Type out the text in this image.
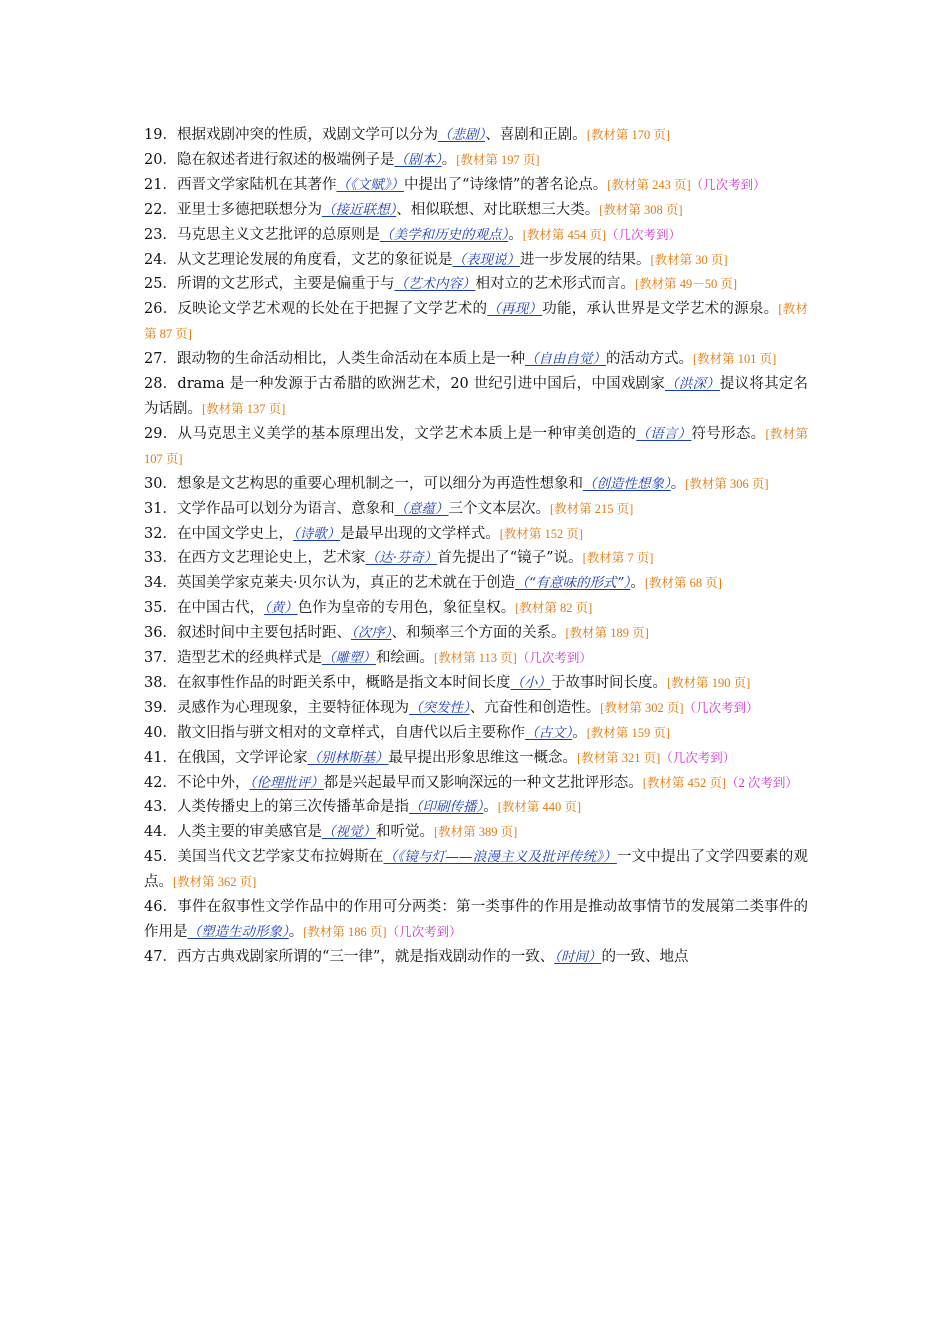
19．根据戏剧冲突的性质，戏剧文学可以分为（悲剧）、喜剧和正剧。[教材第 170 页]

20．隐在叙述者进行叙述的极端例子是（剧本）。[教材第 197 页]

21．西晋文学家陆机在其著作（《文赋》）中提出了“诗缘情”的著名论点。[教材第 243 页]（几次考到）

22．亚里士多德把联想分为（接近联想）、相似联想、对比联想三大类。[教材第 308 页]

23．马克思主义文艺批评的总原则是（美学和历史的观点）。[教材第 454 页]（几次考到）

24．从文艺理论发展的角度看，文艺的象征说是（表现说）进一步发展的结果。[教材第 30 页]

25．所谓的文艺形式，主要是偏重于与（艺术内容）相对立的艺术形式而言。[教材第 49－50 页]

26．反映论文学艺术观的长处在于把握了文学艺术的（再现）功能，承认世界是文学艺术的源泉。[教材第 87 页]

27．跟动物的生命活动相比，人类生命活动在本质上是一种（自由自觉）的活动方式。[教材第 101 页]

28．drama 是一种发源于古希腊的欧洲艺术，20 世纪引进中国后，中国戏剧家（洪深）提议将其定名为话剧。[教材第 137 页]

29．从马克思主义美学的基本原理出发，文学艺术本质上是一种审美创造的（语言）符号形态。[教材第 107 页]

30．想象是文艺构思的重要心理机制之一，可以细分为再造性想象和（创造性想象）。[教材第 306 页]

31．文学作品可以划分为语言、意象和（意蕴）三个文本层次。[教材第 215 页]

32．在中国文学史上，（诗歌）是最早出现的文学样式。[教材第 152 页]

33．在西方文艺理论史上，艺术家（达·芬奇）首先提出了“镜子”说。[教材第 7 页]

34．英国美学家克莱夫·贝尔认为，真正的艺术就在于创造（“有意味的形式”）。[教材第 68 页]

35．在中国古代，（黄）色作为皇帝的专用色，象征皇权。[教材第 82 页]

36．叙述时间中主要包括时距、（次序）、和频率三个方面的关系。[教材第 189 页]

37．造型艺术的经典样式是（雕塑）和绘画。[教材第 113 页]（几次考到）

38．在叙事性作品的时距关系中，概略是指文本时间长度（小）于故事时间长度。[教材第 190 页]

39．灵感作为心理现象，主要特征体现为（突发性）、亢奋性和创造性。[教材第 302 页]（几次考到）

40．散文旧指与骈文相对的文章样式，自唐代以后主要称作（古文）。[教材第 159 页]

41．在俄国，文学评论家（别林斯基）最早提出形象思维这一概念。[教材第 321 页]（几次考到）

42．不论中外，（伦理批评）都是兴起最早而又影响深远的一种文艺批评形态。[教材第 452 页]（2 次考到）

43．人类传播史上的第三次传播革命是指（印刷传播）。[教材第 440 页]

44．人类主要的审美感官是（视觉）和听觉。[教材第 389 页]

45．美国当代文艺学家艾布拉姆斯在（《镜与灯——浪漫主义及批评传统》）一文中提出了文学四要素的观点。[教材第 362 页]

46．事件在叙事性文学作品中的作用可分两类：第一类事件的作用是推动故事情节的发展第二类事件的作用是（塑造生动形象）。[教材第 186 页]（几次考到）

47．西方古典戏剧家所谓的“三一律”，就是指戏剧动作的一致、（时间）的一致、地点
